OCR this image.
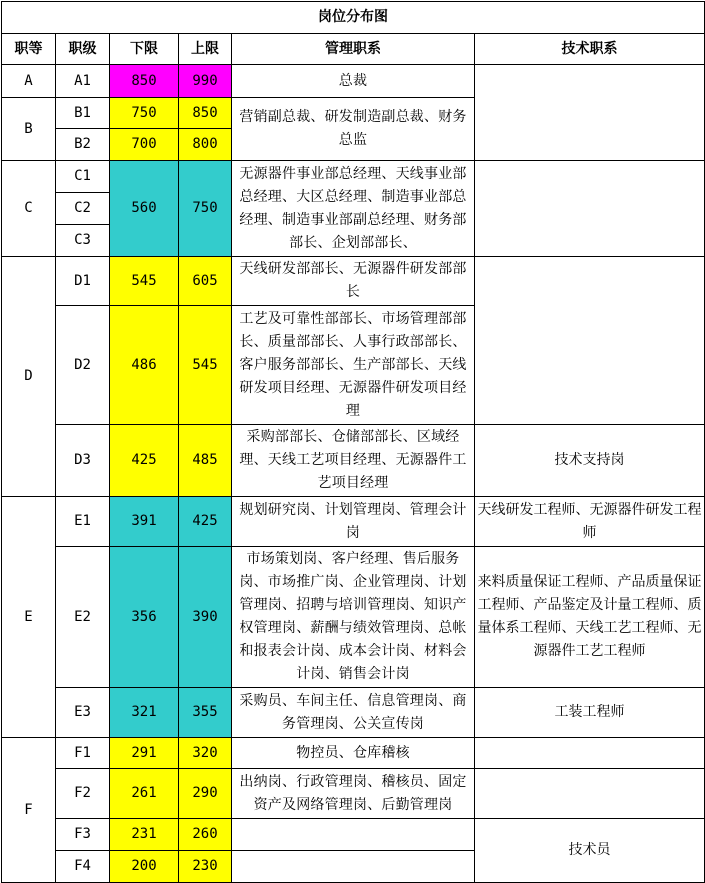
岗位分布图					
职等	职级	下限	上限	管理职系	技术职系
A	A1	850	990	总裁	
B	B1	750	850	营销副总裁、研发制造副总裁、财务总监	
	B2	700	800		
C	C1	560	750	无源器件事业部总经理、天线事业部总经理、大区总经理、制造事业部总经理、制造事业部副总经理、财务部部长、企划部部长、	
	C2				
	C3				
D	D1	545	605	天线研发部部长、无源器件研发部部长	
	D2	486	545	工艺及可靠性部部长、市场管理部部长、质量部部长、人事行政部部长、客户服务部部长、生产部部长、天线研发项目经理、无源器件研发项目经理	
	D3	425	485	采购部部长、仓储部部长、区域经理、天线工艺项目经理、无源器件工艺项目经理	技术支持岗
E	E1	391	425	规划研究岗、计划管理岗、管理会计岗	天线研发工程师、无源器件研发工程师
	E2	356	390	市场策划岗、客户经理、售后服务岗、市场推广岗、企业管理岗、计划管理岗、招聘与培训管理岗、知识产权管理岗、薪酬与绩效管理岗、总帐和报表会计岗、成本会计岗、材料会计岗、销售会计岗	来料质量保证工程师、产品质量保证工程师、产品鉴定及计量工程师、质量体系工程师、天线工艺工程师、无源器件工艺工程师
	E3	321	355	采购员、车间主任、信息管理岗、商务管理岗、公关宣传岗	工装工程师
F	F1	291	320	物控员、仓库稽核	
	F2	261	290	出纳岗、行政管理岗、稽核员、固定资产及网络管理岗、后勤管理岗	
	F3	231	260		技术员
	F4	200	230		
